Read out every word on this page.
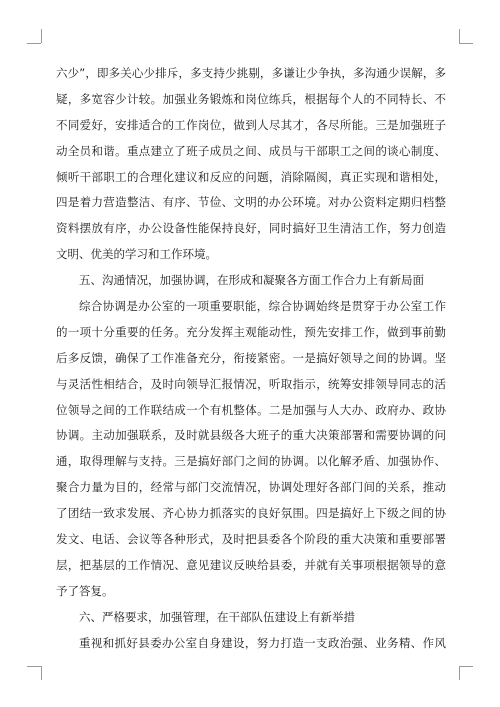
六少”，即多关心少排斥，多支持少挑剔，多谦让少争执，多沟通少误解，多
疑，多宽容少计较。加强业务锻炼和岗位练兵，根据每个人的不同特长、不
不同爱好，安排适合的工作岗位，做到人尽其才，各尽所能。三是加强班子
动全员和谐。重点建立了班子成员之间、成员与干部职工之间的谈心制度、
倾听干部职工的合理化建议和反应的问题，消除隔阂，真正实现和谐相处，
四是着力营造整洁、有序、节俭、文明的办公环境。对办公资料定期归档整
资料摆放有序，办公设备性能保持良好，同时搞好卫生清洁工作，努力创造
文明、优美的学习和工作环境。
五、沟通情况，加强协调，在形成和凝聚各方面工作合力上有新局面
综合协调是办公室的一项重要职能，综合协调始终是贯穿于办公室工作
的一项十分重要的任务。充分发挥主观能动性，预先安排工作，做到事前勤
后多反馈，确保了工作准备充分，衔接紧密。一是搞好领导之间的协调。坚
与灵活性相结合，及时向领导汇报情况，听取指示，统筹安排领导同志的活
位领导之间的工作联结成一个有机整体。二是加强与人大办、政府办、政协
协调。主动加强联系，及时就县级各大班子的重大决策部署和需要协调的问
通，取得理解与支持。三是搞好部门之间的协调。以化解矛盾、加强协作、
聚合力量为目的，经常与部门交流情况，协调处理好各部门间的关系，推动
了团结一致求发展、齐心协力抓落实的良好氛围。四是搞好上下级之间的协
发文、电话、会议等各种形式，及时把县委各个阶段的重大决策和重要部署
层，把基层的工作情况、意见建议反映给县委，并就有关事项根据领导的意
予了答复。
六、严格要求，加强管理，在干部队伍建设上有新举措
重视和抓好县委办公室自身建设，努力打造一支政治强、业务精、作风
